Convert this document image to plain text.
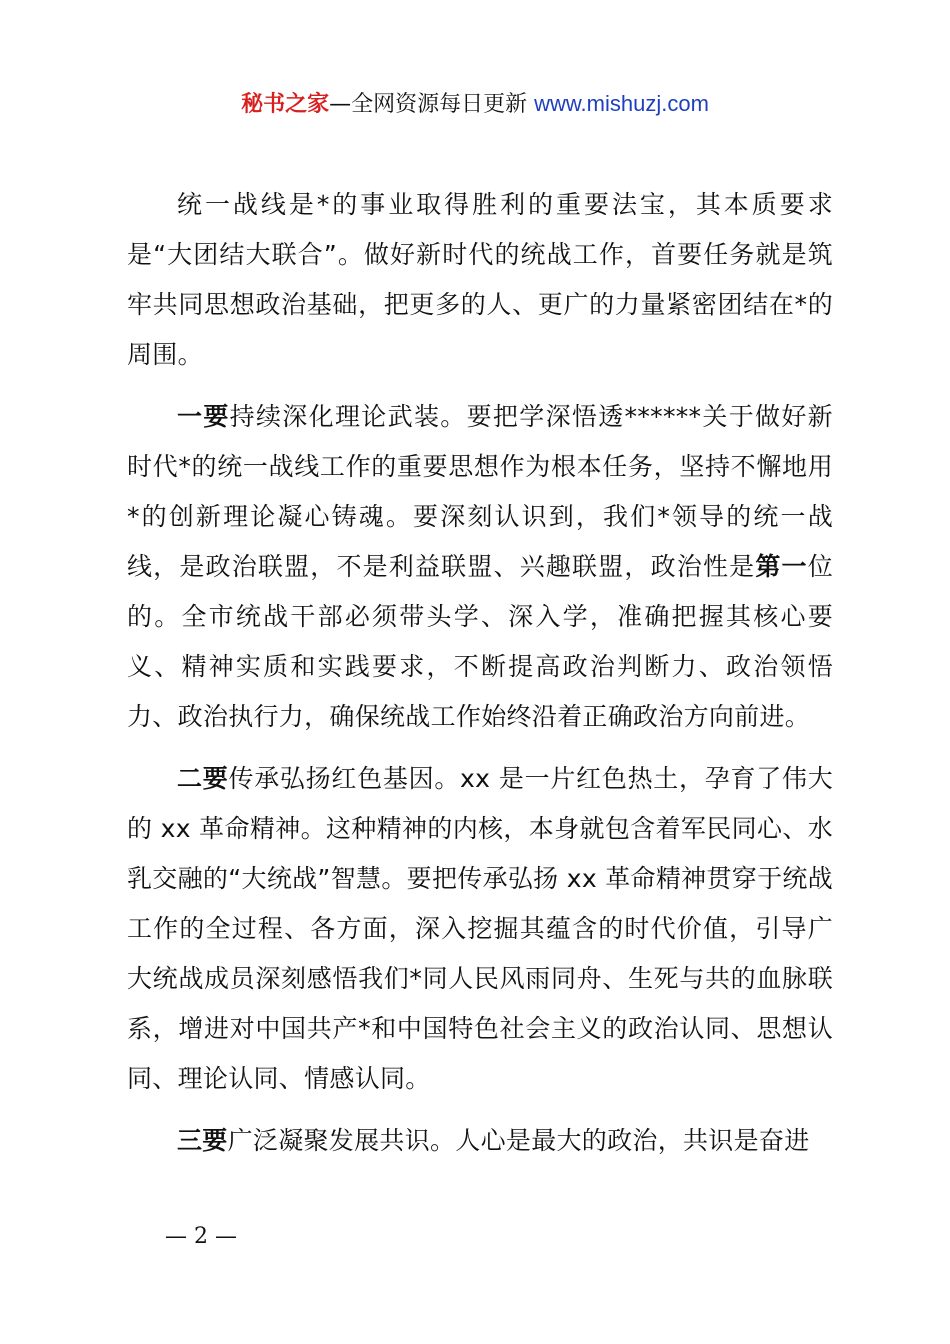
秘书之家—全网资源每日更新 www.mishuzj.com

统一战线是*的事业取得胜利的重要法宝，其本质要求是“大团结大联合”。做好新时代的统战工作，首要任务就是筑牢共同思想政治基础，把更多的人、更广的力量紧密团结在*的周围。

一要持续深化理论武装。要把学深悟透******关于做好新时代*的统一战线工作的重要思想作为根本任务，坚持不懈地用*的创新理论凝心铸魂。要深刻认识到，我们*领导的统一战线，是政治联盟，不是利益联盟、兴趣联盟，政治性是第一位的。全市统战干部必须带头学、深入学，准确把握其核心要义、精神实质和实践要求，不断提高政治判断力、政治领悟力、政治执行力，确保统战工作始终沿着正确政治方向前进。

二要传承弘扬红色基因。xx 是一片红色热土，孕育了伟大的 xx 革命精神。这种精神的内核，本身就包含着军民同心、水乳交融的“大统战”智慧。要把传承弘扬 xx 革命精神贯穿于统战工作的全过程、各方面，深入挖掘其蕴含的时代价值，引导广大统战成员深刻感悟我们*同人民风雨同舟、生死与共的血脉联系，增进对中国共产*和中国特色社会主义的政治认同、思想认同、理论认同、情感认同。

三要广泛凝聚发展共识。人心是最大的政治，共识是奋进

— 2 —
